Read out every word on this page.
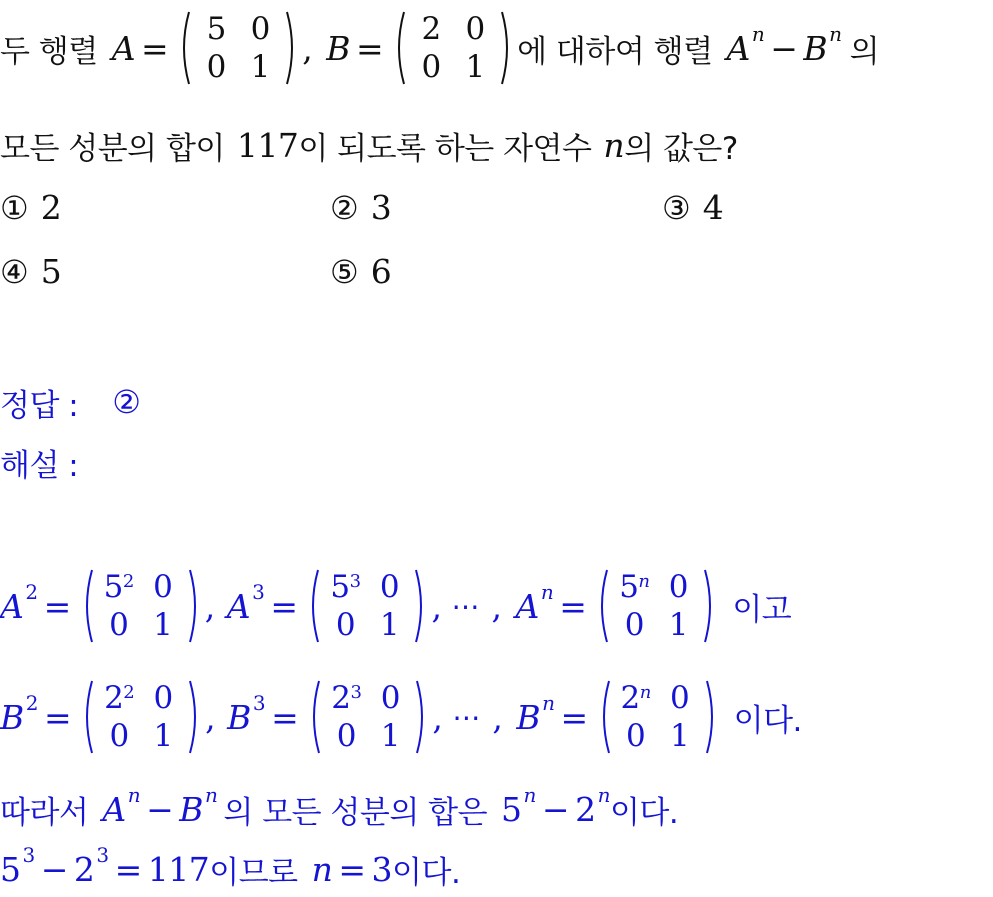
두 행렬 A = 5 0
0 1 , B = 2 0
0 1 에 대하여 행렬 A n − B n 의
모든 성분의 합이 117 이 되도록 하는 자연수 n 의 값은?
① 2	② 3	③ 4
④ 5	⑤ 6
정답 : ②
해설 :
A $2 = 5^2$ 0
0 1 , A $3 = 5^3$ 0
0 1 , ⋯ , A $n = 5^n$ 0
0 1 이고
B $2 = 2^2$ 0
0 1 , B $3 = 2^3$ 0
0 1 , ⋯ , B $n = 2^n$ 0
0 1 이다.
따라서 A n − B n 의 모든 성분의 합은 5 n − 2 n 이다.
5 3 − 2 3 = 117 이므로 n = 3 이다.
